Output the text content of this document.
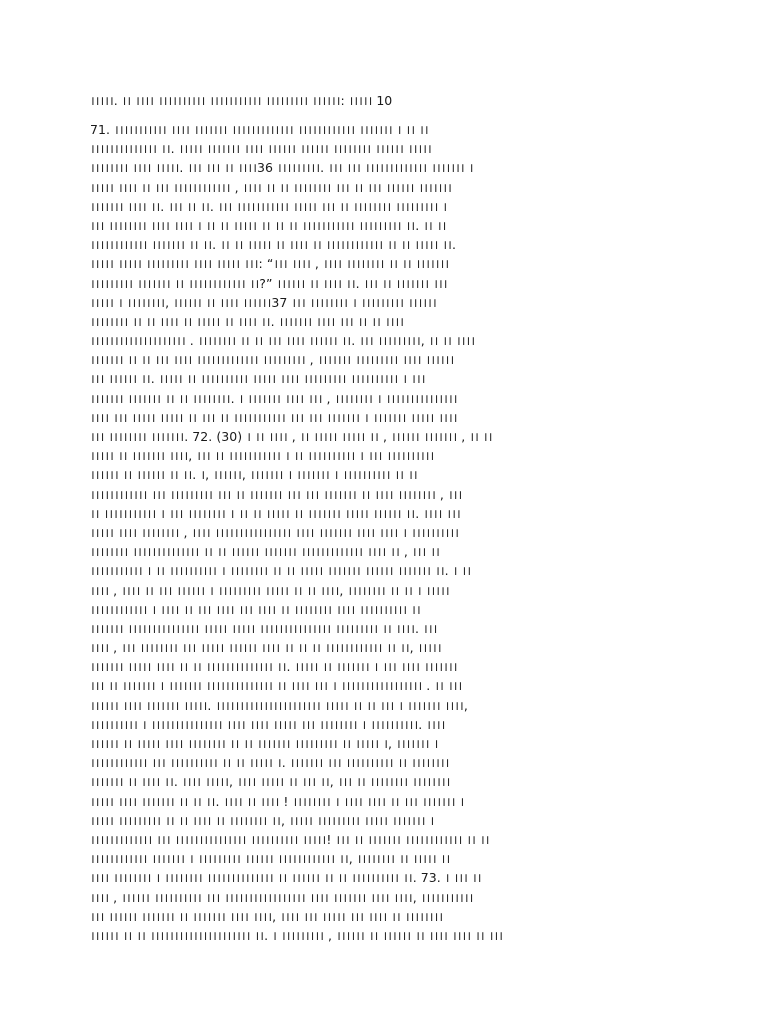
।।।।।. ।। ।।।। ।।।।।।।।।। ।।।।।।।।।।। ।।।।।।।।। ।।।।।।: ।।।।। 10
71. ।।।।।।।।।।। ।।।। ।।।।।।। ।।।।।।।।।।।।। ।।।।।।।।।।।। ।।।।।।। । ।। ।।
।।।।।।।।।।।।।। ।।. ।।।।। ।।।।।।। ।।।। ।।।।।। ।।।।।। ।।।।।।।। ।।।।।। ।।।।।
।।।।।।।। ।।।। ।।।।।. ।।। ।।। ।। ।।।।36 ।।।।।।।।।. ।।। ।।। ।।।।।।।।।।।।। ।।।।।।। ।
।।।।। ।।।। ।। ।।। ।।।।।।।।।।।। , ।।।। ।। ।। ।।।।।।।। ।।। ।। ।।। ।।।।।। ।।।।।।।
।।।।।।। ।।।। ।।. ।।। ।। ।।. ।।। ।।।।।।।।।।। ।।।।। ।।। ।। ।।।।।।।। ।।।।।।।।। ।
।।। ।।।।।।।। ।।।। ।।।। । ।। ।। ।।।।। ।। ।। ।। ।।।।।।।।।।। ।।।।।।।।। ।।. ।। ।।
।।।।।।।।।।।। ।।।।।।। ।। ।।. ।। ।। ।।।।। ।। ।।।। ।। ।।।।।।।।।।।। ।। ।। ।।।।। ।।.
।।।।। ।।।।। ।।।।।।।।। ।।।। ।।।।। ।।।: “।।। ।।।। , ।।।। ।।।।।।।। ।। ।। ।।।।।।।
।।।।।।।।। ।।।।।।। ।। ।।।।।।।।।।।। ।।?” ।।।।।। ।। ।।।। ।।. ।।। ।। ।।।।।।। ।।।
।।।।। । ।।।।।।।।, ।।।।।। ।। ।।।। ।।।।।।37 ।।। ।।।।।।।। । ।।।।।।।।। ।।।।।।
।।।।।।।। ।। ।। ।।।। ।। ।।।।। ।। ।।।। ।।. ।।।।।।। ।।।। ।।। ।। ।। ।।।।
।।।।।।।।।।।।।।।।।।।। . ।।।।।।।। ।। ।। ।।। ।।।। ।।।।।। ।।. ।।। ।।।।।।।।।, ।। ।। ।।।।
।।।।।।। ।। ।। ।।। ।।।। ।।।।।।।।।।।।। ।।।।।।।।। , ।।।।।।। ।।।।।।।।। ।।।। ।।।।।।
।।। ।।।।।। ।।. ।।।।। ।। ।।।।।।।।।। ।।।।। ।।।। ।।।।।।।।। ।।।।।।।।।। । ।।।
।।।।।।। ।।।।।।। ।। ।। ।।।।।।।।. । ।।।।।।। ।।।। ।।। , ।।।।।।।। । ।।।।।।।।।।।।।।।
।।।। ।।। ।।।।। ।।।।। ।। ।।। ।। ।।।।।।।।।।। ।।। ।।। ।।।।।।। । ।।।।।।। ।।।।। ।।।।
।।। ।।।।।।।। ।।।।।।।. 72. (30) । ।। ।।।। , ।। ।।।।। ।।।।। ।। , ।।।।।। ।।।।।।। , ।। ।।
।।।।। ।। ।।।।।।। ।।।।, ।।। ।। ।।।।।।।।।।। । ।। ।।।।।।।।।। । ।।। ।।।।।।।।।।
।।।।।। ।। ।।।।।। ।। ।।. ।, ।।।।।।, ।।।।।।। । ।।।।।।। । ।।।।।।।।।। ।। ।।
।।।।।।।।।।।। ।।। ।।।।।।।।। ।।। ।। ।।।।।।। ।।। ।।। ।।।।।।। ।। ।।।। ।।।।।।।। , ।।।
।। ।।।।।।।।।।। । ।।। ।।।।।।।। । ।। ।। ।।।।। ।। ।।।।।।। ।।।।। ।।।।।। ।।. ।।।। ।।।
।।।।। ।।।। ।।।।।।।। , ।।।। ।।।।।।।।।।।।।।।। ।।।। ।।।।।।। ।।।। ।।।। । ।।।।।।।।।।
।।।।।।।। ।।।।।।।।।।।।।। ।। ।। ।।।।।। ।।।।।।। ।।।।।।।।।।।।। ।।।। ।। , ।।। ।।
।।।।।।।।।।। । ।। ।।।।।।।।।। । ।।।।।।।। ।। ।। ।।।।। ।।।।।।। ।।।।।। ।।।।।।। ।।. । ।।
।।।। , ।।।। ।। ।।। ।।।।।। । ।।।।।।।।। ।।।।। ।। ।। ।।।।, ।।।।।।।। ।। ।। । ।।।।।
।।।।।।।।।।।। । ।।।। ।। ।।। ।।।। ।।। ।।।। ।। ।।।।।।।। ।।।। ।।।।।।।।।। ।।
।।।।।।। ।।।।।।।।।।।।।।। ।।।।। ।।।।। ।।।।।।।।।।।।।।। ।।।।।।।।। ।। ।।।।. ।।।
।।।। , ।।। ।।।।।।।। ।।। ।।।।। ।।।।।। ।।।। ।। ।। ।। ।।।।।।।।।।।। ।। ।।, ।।।।।
।।।।।।। ।।।।। ।।।। ।। ।। ।।।।।।।।।।।।।। ।।. ।।।।। ।। ।।।।।।। । ।।। ।।।। ।।।।।।।
।।। ।। ।।।।।।। । ।।।।।।। ।।।।।।।।।।।।।। ।। ।।।। ।।। । ।।।।।।।।।।।।।।।।। . ।। ।।।
।।।।।। ।।।। ।।।।।।। ।।।।।. ।।।।।।।।।।।।।।।।।।।।।। ।।।।। ।। ।। ।।। । ।।।।।।। ।।।।,
।।।।।।।।।। । ।।।।।।।।।।।।।।। ।।।। ।।।। ।।।।। ।।। ।।।।।।।। । ।।।।।।।।।।. ।।।।
।।।।।। ।। ।।।।। ।।।। ।।।।।।।। ।। ।। ।।।।।।। ।।।।।।।।। ।। ।।।।। ।, ।।।।।।। ।
।।।।।।।।।।।। ।।। ।।।।।।।।।। ।। ।। ।।।।। ।. ।।।।।।। ।।। ।।।।।।।।।। ।। ।।।।।।।।
।।।।।।। ।। ।।।। ।।. ।।।। ।।।।।, ।।।। ।।।।। ।। ।।। ।।, ।।। ।। ।।।।।।।। ।।।।।।।।
।।।।। ।।।। ।।।।।।। ।। ।। ।।. ।।।। ।। ।।।। ! ।।।।।।।। । ।।।। ।।।। ।। ।।। ।।।।।।। ।
।।।।। ।।।।।।।।। ।। ।। ।।।। ।। ।।।।।।।। ।।, ।।।।। ।।।।।।।।। ।।।।। ।।।।।।। ।
।।।।।।।।।।।।। ।।। ।।।।।।।।।।।।।।। ।।।।।।।।।। ।।।।।! ।।। ।। ।।।।।।। ।।।।।।।।।।।। ।। ।।
।।।।।।।।।।।। ।।।।।।। । ।।।।।।।।। ।।।।।। ।।।।।।।।।।।। ।।, ।।।।।।।। ।। ।।।।। ।।
।।।। ।।।।।।।। । ।।।।।।।। ।।।।।।।।।।।।।। ।। ।।।।।। ।। ।। ।।।।।।।।।। ।।. 73. । ।।। ।।
।।।। , ।।।।।। ।।।।।।।।।। ।।। ।।।।।।।।।।।।।।।।। ।।।। ।।।।।।। ।।।। ।।।।, ।।।।।।।।।।।
।।। ।।।।।। ।।।।।।। ।। ।।।।।।। ।।।। ।।।।, ।।।। ।।। ।।।।। ।।। ।।।। ।। ।।।।।।।।
।।।।।। ।। ।। ।।।।।।।।।।।।।।।।।।।।। ।।. । ।।।।।।।।। , ।।।।।। ।। ।।।।।। ।। ।।।। ।।।। ।। ।।।
